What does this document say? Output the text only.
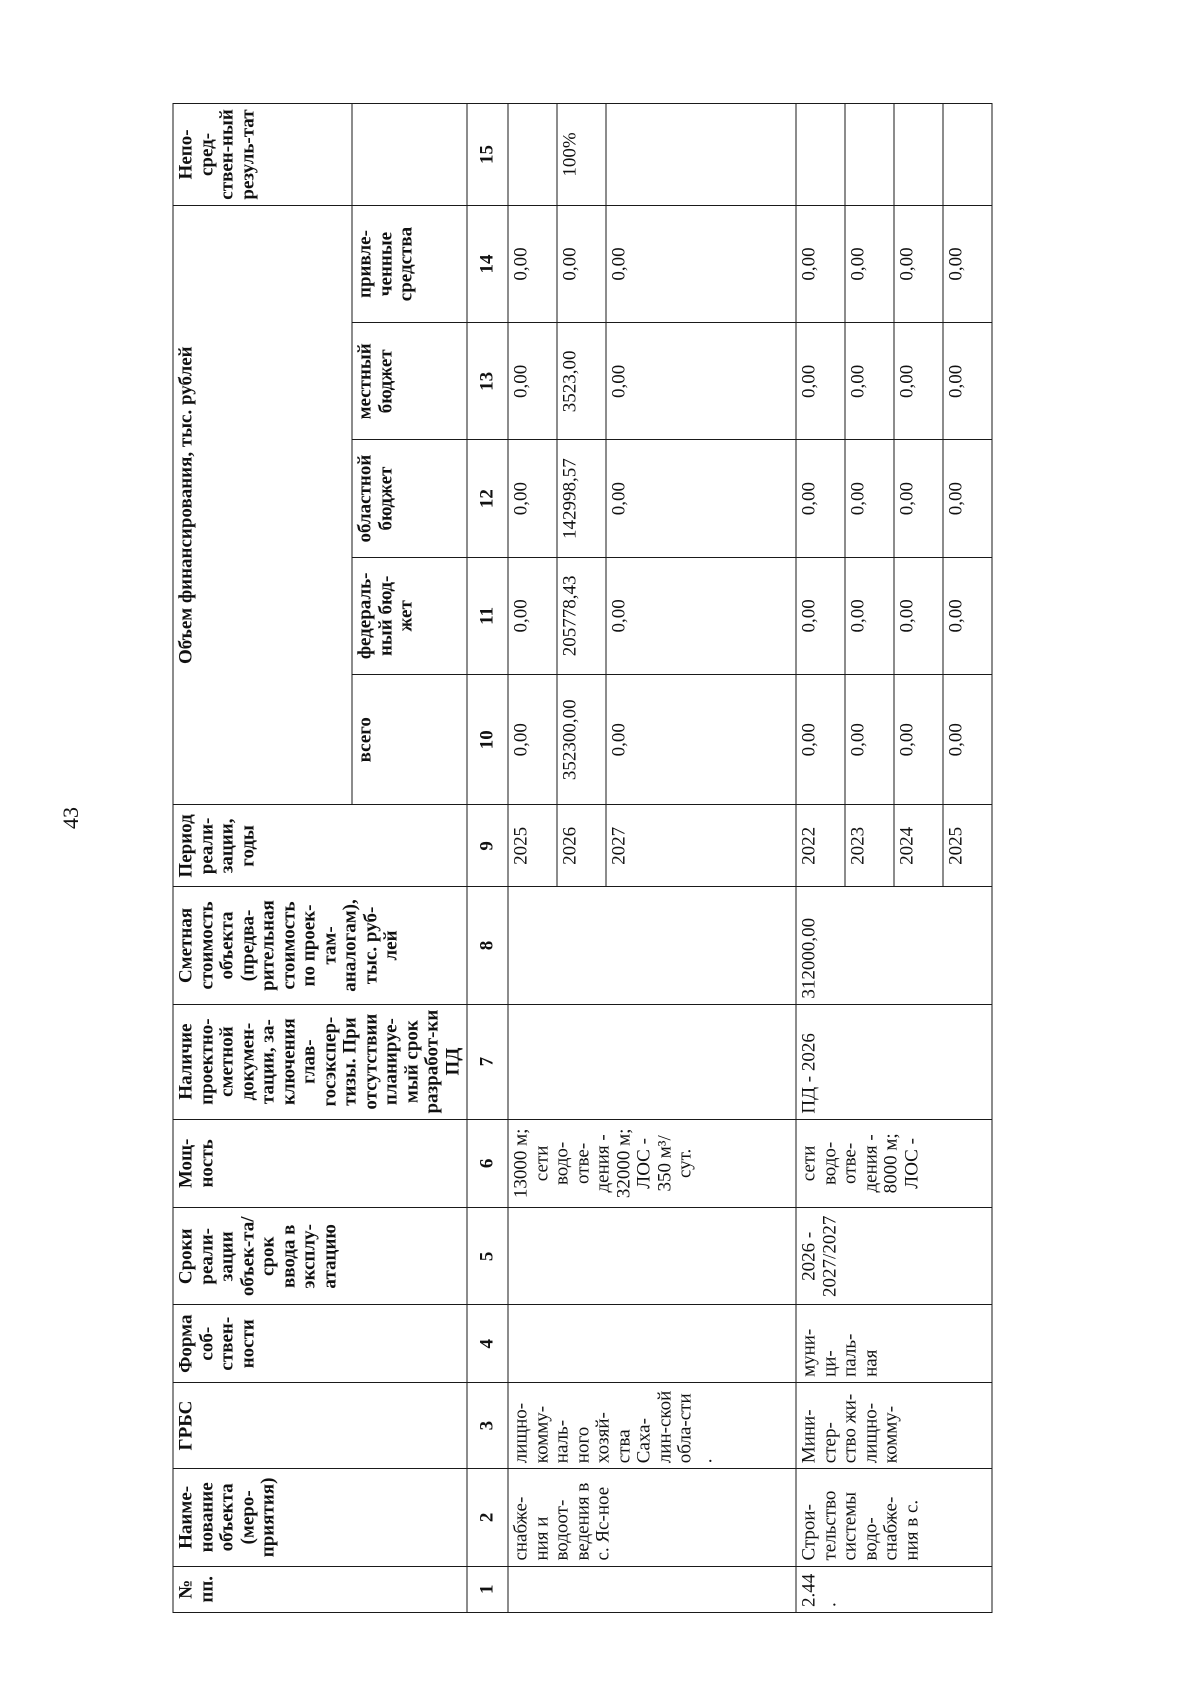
43
№ пп.	Наиме-нование объекта (меро-приятия)	ГРБС	Форма соб-ствен-ности	Сроки реали-зации объек-та/срок ввода в эксплу-атацию	Мощ-ность	Наличие проектно-сметной докумен-тации, за-ключения глав-госэкспер-тизы. При отсутствии планируе-мый срок разработ-ки ПД	Сметная стоимость объекта (предва-рительная стоимость по проек-там-аналогам), тыс. руб-лей	Период реали-зации, годы	Объем финансирования, тыс. рублей					Непо-сред-ствен-ный резуль-тат
									всего	федераль-ный бюд-жет	областной бюджет	местный бюджет	привле-ченные средства	
1	2	3	4	5	6	7	8	9	10	11	12	13	14	15
	снабже-ния и водоот-ведения в с. Яс-ное	лищно-комму-наль-ного хозяй-ства Саха-лин-ской обла-сти .			13000 м; сети водо-отве-дения - 32000 м; ЛОС - 350 м³/сут.			2025	0,00	0,00	0,00	0,00	0,00	
								2026	352300,00	205778,43	142998,57	3523,00	0,00	100%
								2027	0,00	0,00	0,00	0,00	0,00	
2.44.	Строи-тельство системы водо-снабже-ния в с.	Мини-стер-ство жи-лищно-комму-	муни-ци-паль-ная	2026 - 2027/2027	сети водо-отве-дения - 8000 м; ЛОС -	ПД - 2026	312000,00	2022	0,00	0,00	0,00	0,00	0,00	
								2023	0,00	0,00	0,00	0,00	0,00	
								2024	0,00	0,00	0,00	0,00	0,00	
								2025	0,00	0,00	0,00	0,00	0,00	
